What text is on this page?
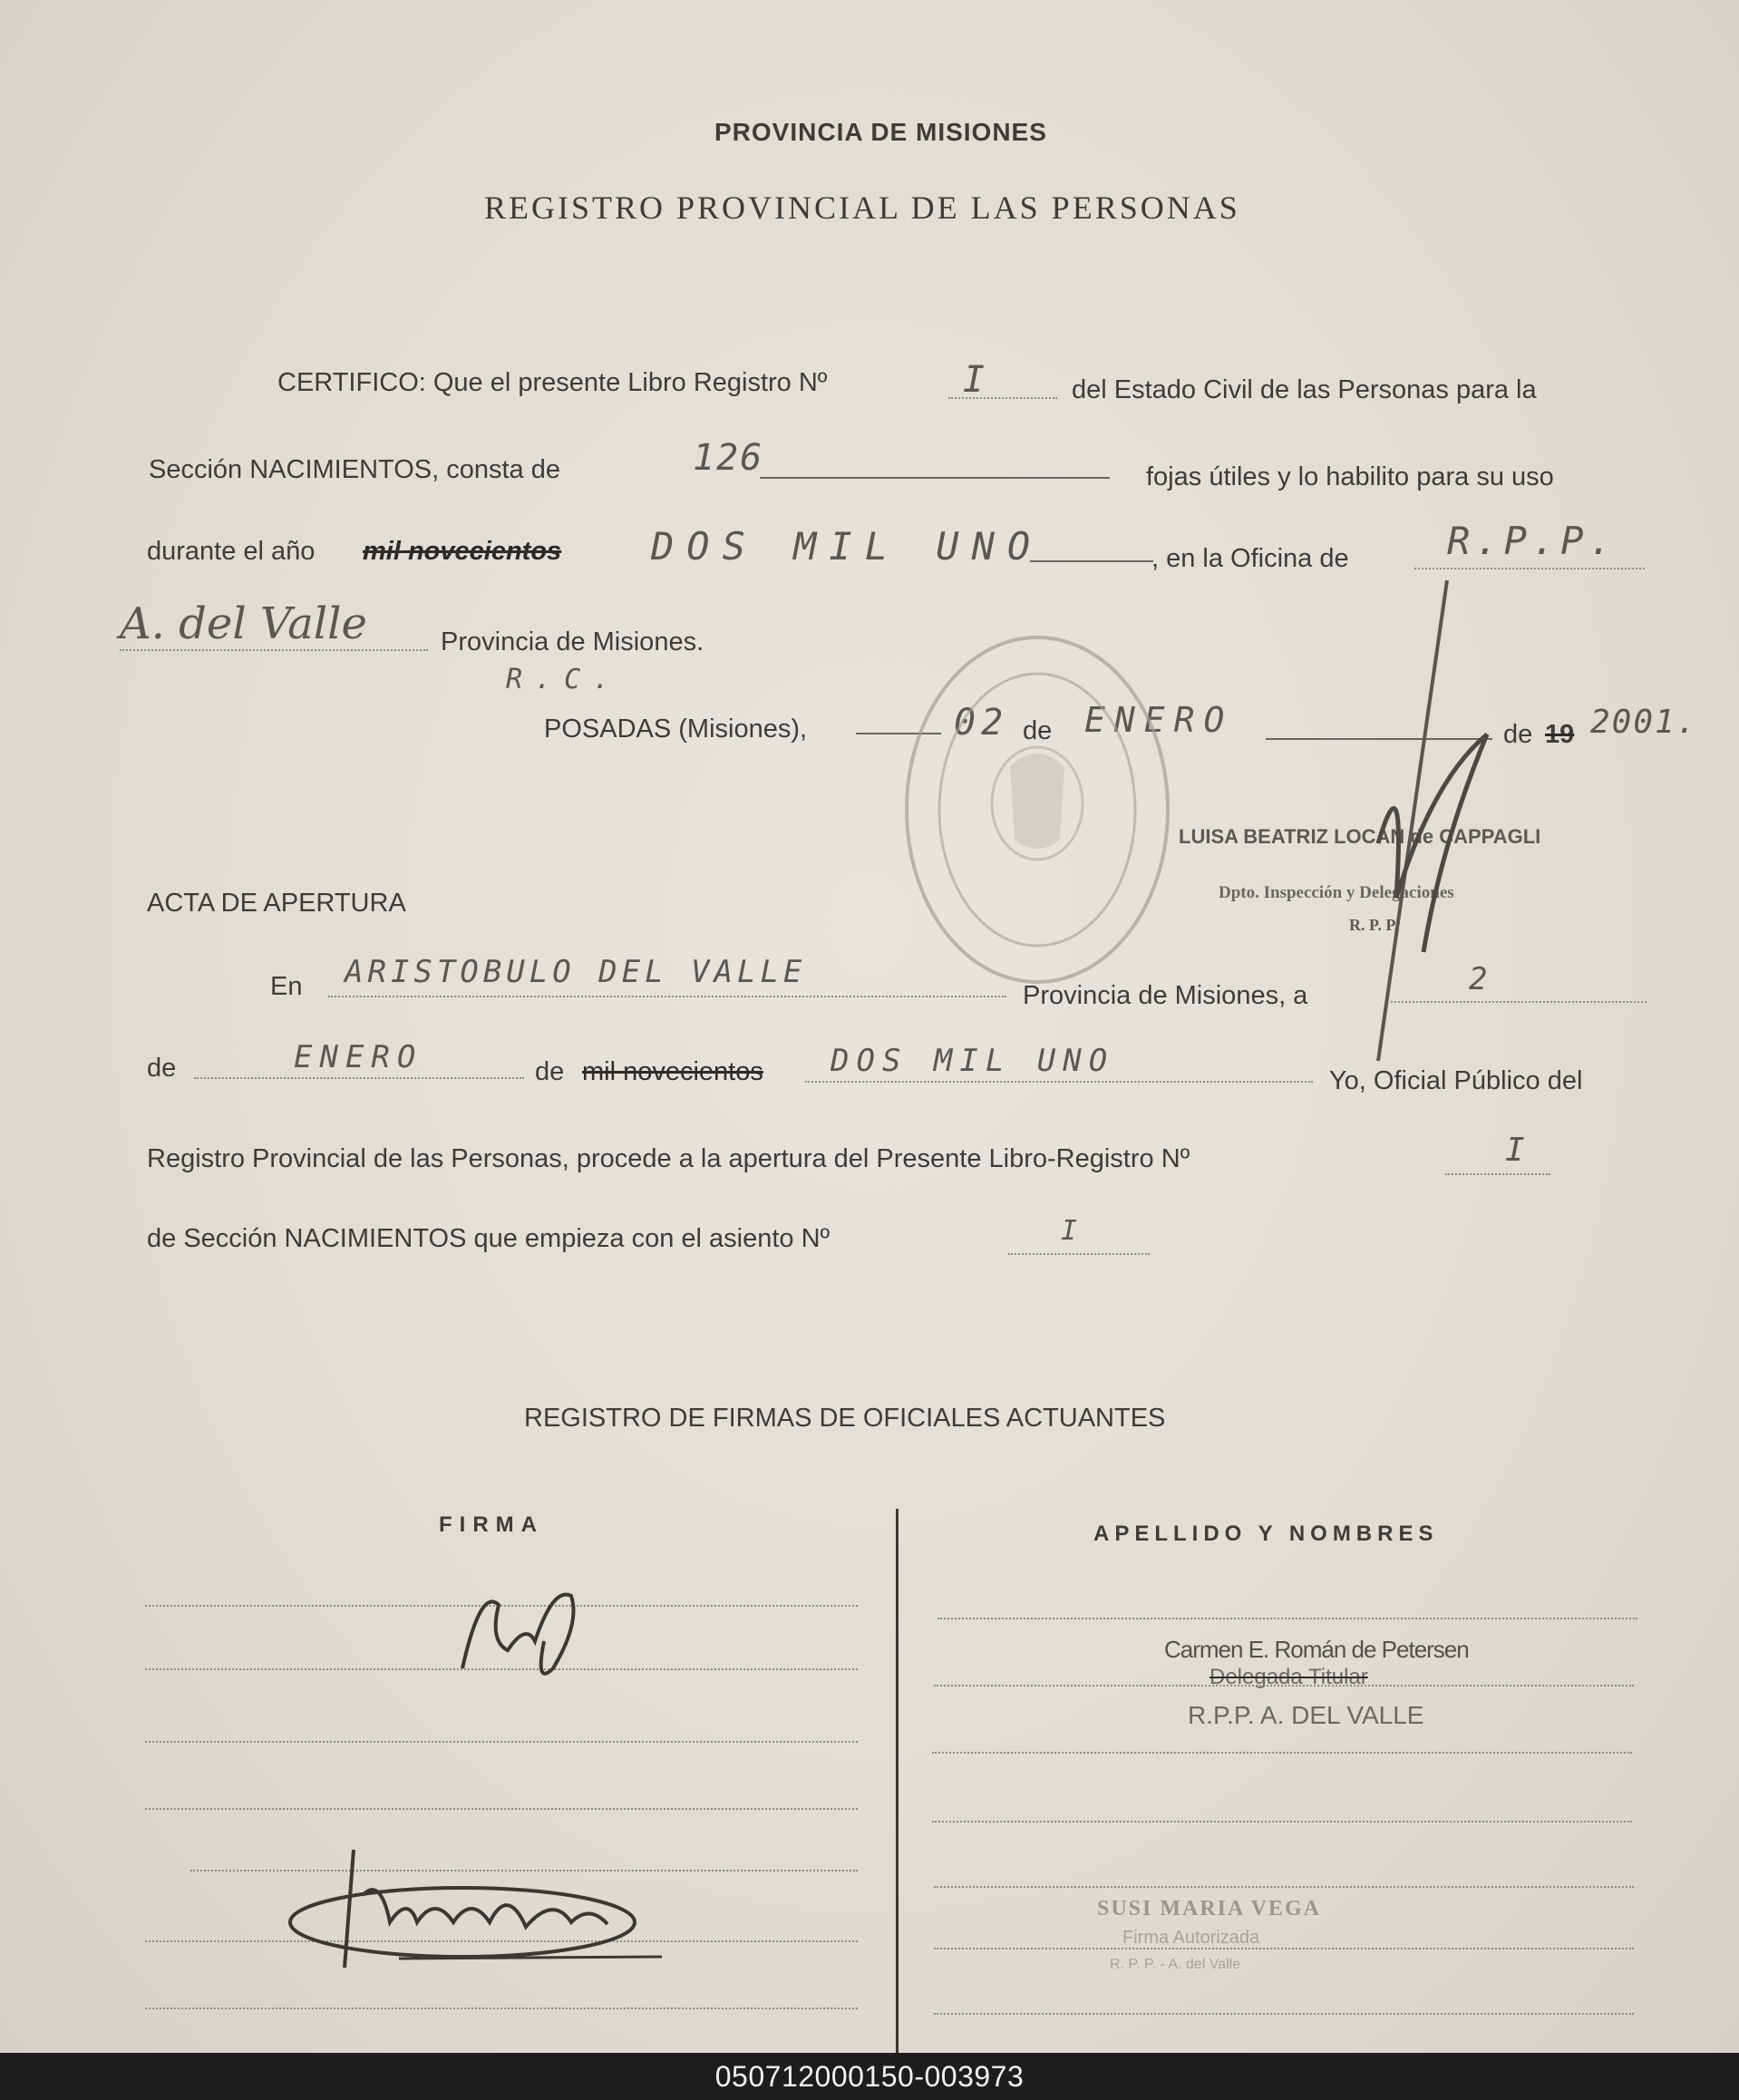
PROVINCIA DE MISIONES
REGISTRO PROVINCIAL DE LAS PERSONAS
CERTIFICO: Que el presente Libro Registro Nº	I	del Estado Civil de las Personas para la
Sección NACIMIENTOS, consta de	126	fojas útiles y lo habilito para su uso
durante el año mil novecientos DOS MIL UNO	, en la Oficina de	R.P.P.
A. del Valle	Provincia de Misiones.
R.C.
POSADAS (Misiones),	02 de ENERO	de 19 2001.
LUISA BEATRIZ LOCAN de CAPPAGLI
Dpto. Inspección y Delegaciones
R. P. P.
ACTA DE APERTURA
En ARISTOBULO DEL VALLE
Provincia de Misiones, a	2
de	ENERO	de mil novecientos DOS MIL UNO
Yo, Oficial Público del
Registro Provincial de las Personas, procede a la apertura del Presente Libro-Registro Nº	I
de Sección NACIMIENTOS que empieza con el asiento Nº	I
REGISTRO DE FIRMAS DE OFICIALES ACTUANTES
FIRMA	APELLIDO Y NOMBRES
Carmen E. Román de Petersen
Delegada Titular
R.P.P. A. DEL VALLE
SUSI MARIA VEGA
Firma Autorizada
R. P. P. - A. del Valle
050712000150-003973
